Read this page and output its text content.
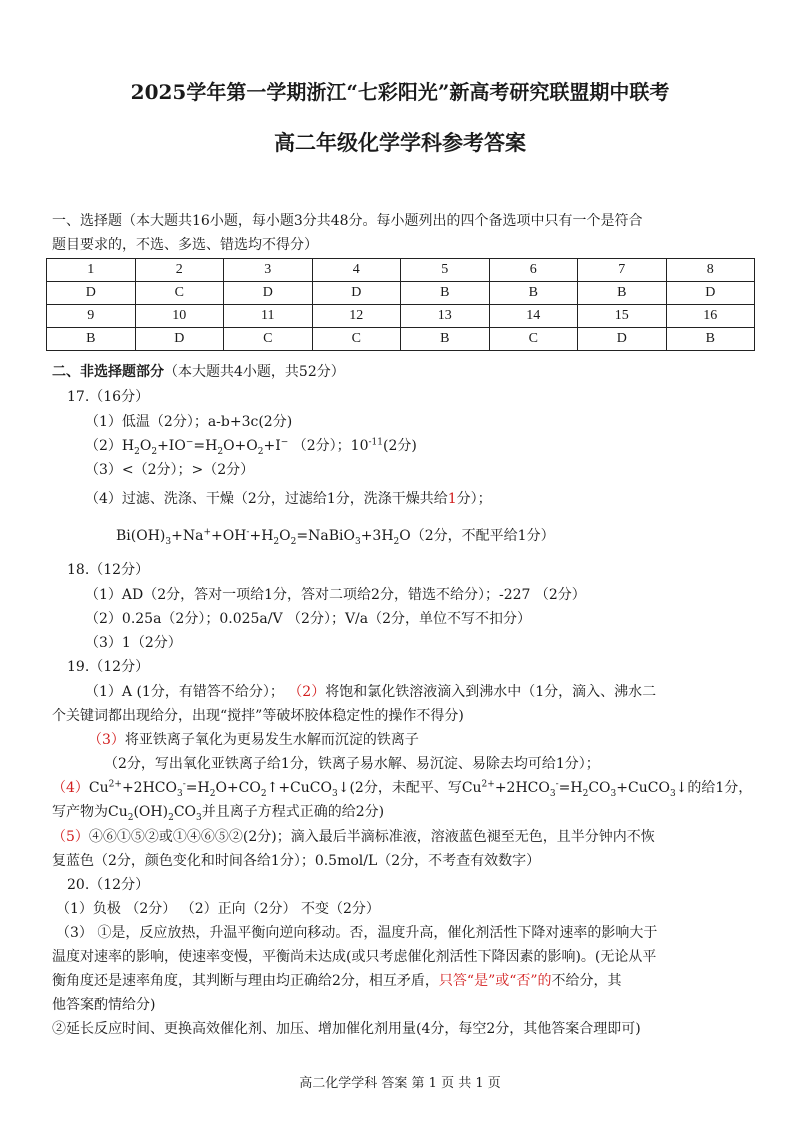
2025学年第一学期浙江“七彩阳光”新高考研究联盟期中联考
高二年级化学学科参考答案
一、选择题（本大题共16小题，每小题3分共48分。每小题列出的四个备选项中只有一个是符合
题目要求的，不选、多选、错选均不得分）
1	2	3	4	5	6	7	8
D	C	D	D	B	B	B	D
9	10	11	12	13	14	15	16
B	D	C	C	B	C	D	B
二、非选择题部分（本大题共4小题，共52分）
17.（16分）
（1）低温（2分）；a-b+3c(2分)
$(2)H_2O_2+IO^-=H_2O+O_2+I^-$ （2分）；$10^{-11}(2$分)
（3）<（2分）；>（2分）
（4）过滤、洗涤、干燥（2分，过滤给1分，洗涤干燥共给1分）；
$Bi(OH)_3+Na^++OH^-+H_2O_2=NaBiO_3+3H_2O(2$分，不配平给1分）
18.（12分）
（1）AD（2分，答对一项给1分，答对二项给2分，错选不给分）；-227 （2分）
（2）0.25a（2分）；0.025a/V （2分）；V/a（2分，单位不写不扣分）
（3）1（2分）
19.（12分）
（1）A (1分，有错答不给分）； （2）将饱和氯化铁溶液滴入到沸水中（1分，滴入、沸水二
个关键词都出现给分，出现“搅拌”等破坏胶体稳定性的操作不得分)
（3）将亚铁离子氧化为更易发生水解而沉淀的铁离子
（2分，写出氧化亚铁离子给1分，铁离子易水解、易沉淀、易除去均可给1分）；
$(4)Cu^{2+}+2HCO_3^-=H_2O+CO_2↑+CuCO_3↓(2$分，未配平、写$Cu^{2+}+2HCO_3^-=H_2CO_3+CuCO_3↓$的给1分，
写产物为$Cu_2(OH)_2CO_3$并且离子方程式正确的给2分)
（5）④⑥①⑤②或①④⑥⑤②(2分)；滴入最后半滴标准液，溶液蓝色褪至无色，且半分钟内不恢
复蓝色（2分，颜色变化和时间各给1分）；0.5mol/L（2分，不考查有效数字）
20.（12分）
（1）负极 （2分） （2）正向（2分） 不变（2分）
（3） ①是，反应放热，升温平衡向逆向移动。否，温度升高，催化剂活性下降对速率的影响大于
温度对速率的影响，使速率变慢，平衡尚未达成(或只考虑催化剂活性下降因素的影响)。(无论从平
衡角度还是速率角度，其判断与理由均正确给2分，相互矛盾，只答“是”或“否”的不给分，其
他答案酌情给分)
②延长反应时间、更换高效催化剂、加压、增加催化剂用量(4分，每空2分，其他答案合理即可)
高二化学学科 答案 第 1 页 共 1 页
